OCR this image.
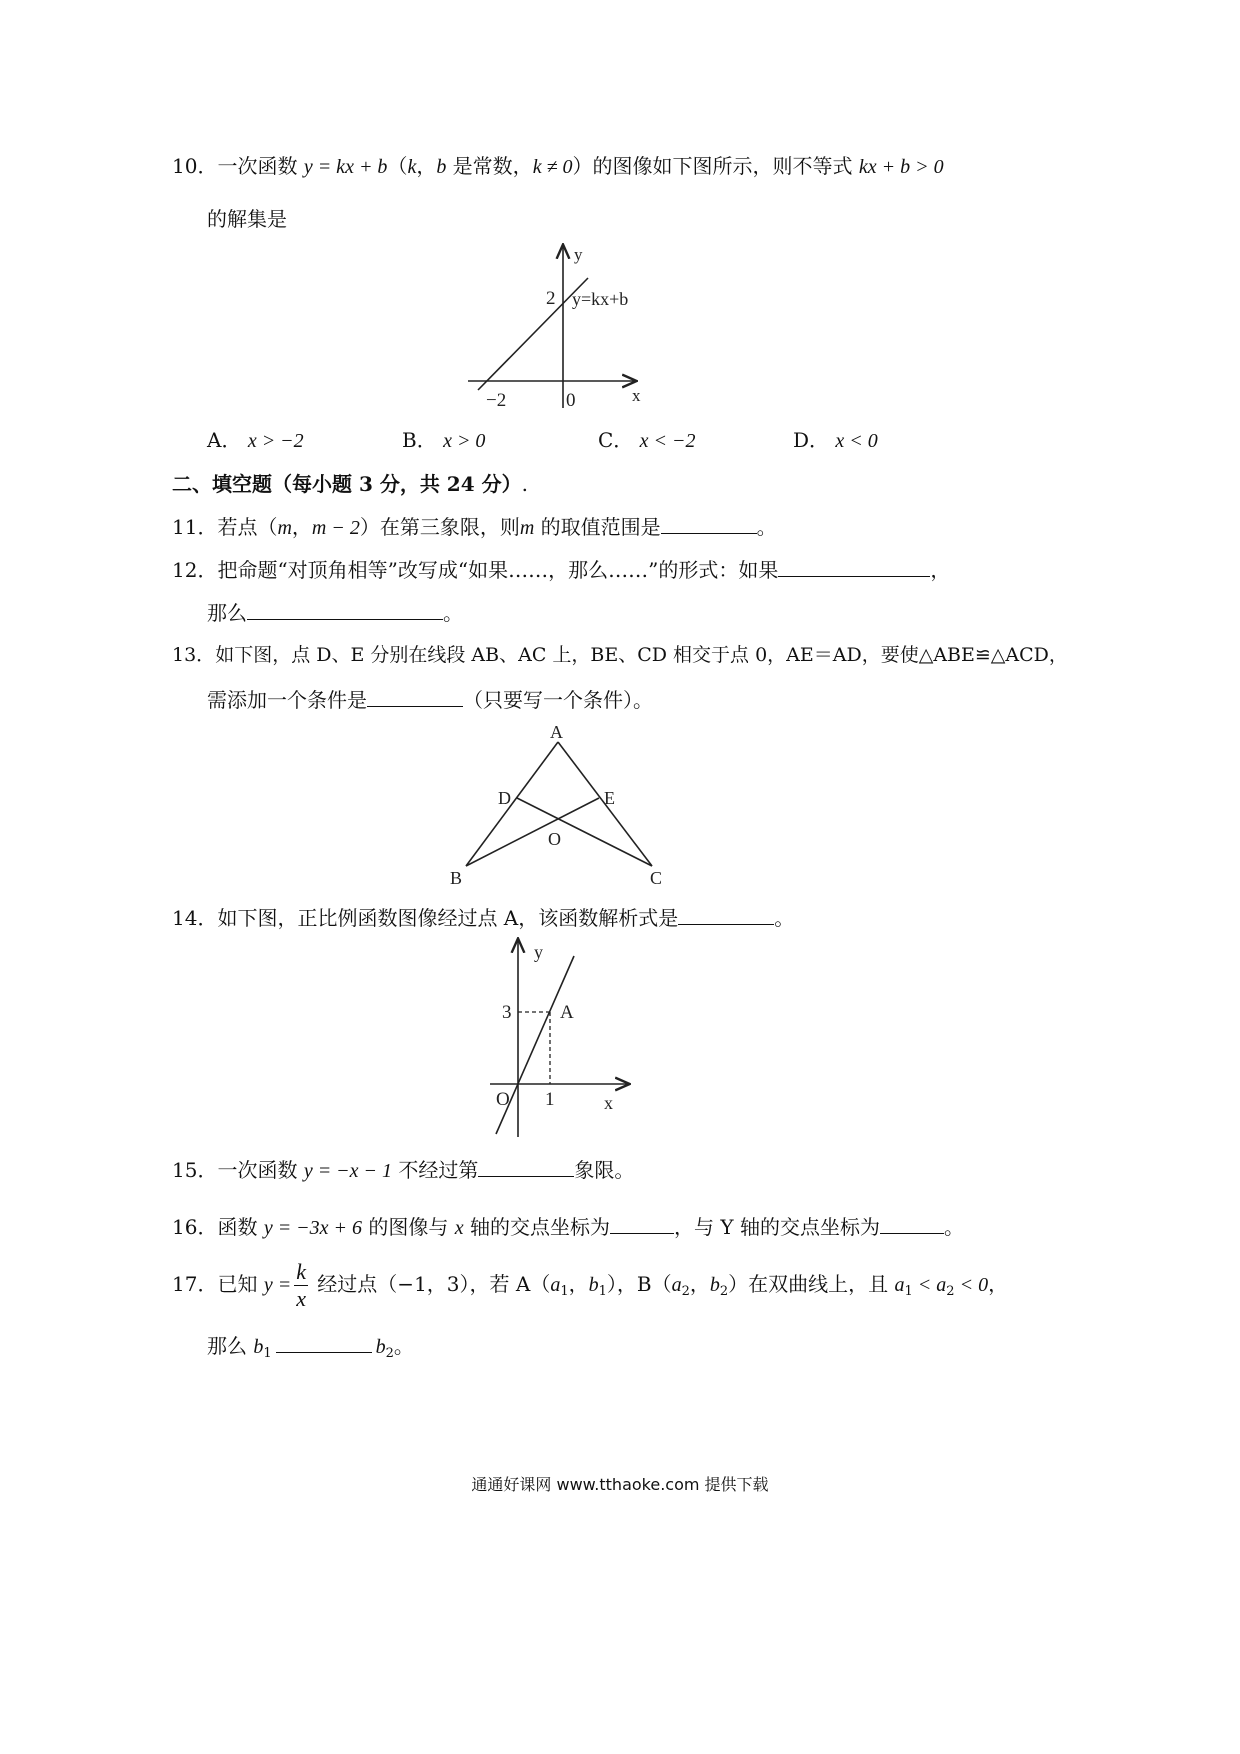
10．一次函数 y = kx + b（k，b 是常数，k ≠ 0）的图像如下图所示，则不等式 kx + b > 0
的解集是
y
x
2
−2	0
y=kx+b
A． x > −2	B． x > 0	C． x < −2	D． x < 0
二、填空题（每小题 3 分，共 24 分）.
11．若点（m，m − 2）在第三象限，则m 的取值范围是	。
12．把命题“对顶角相等”改写成“如果……，那么……”的形式：如果	，
那么	。
13．如下图，点 D、E 分别在线段 AB、AC 上，BE、CD 相交于点 0，AE＝AD，要使△ABE≌△ACD，
需添加一个条件是	（只要写一个条件）。
A
B	C
D	E
O
14．如下图，正比例函数图像经过点 A，该函数解析式是	。
y
x
3
1
O
A
15．一次函数 y = −x − 1 不经过第	象限。
16．函数 y = −3x + 6 的图像与 x 轴的交点坐标为	，与 Y 轴的交点坐标为	。
17．已知 $y = \frac{k}{x}$ 经过点（−1，3），若 $A(a_1$，$b_1$），$B(a_2$，$b_2$）在双曲线上，且 $a_1 < a_2 < 0$，
那么 $b_1$	$b_2$。
通通好课网 www.tthaoke.com 提供下载
